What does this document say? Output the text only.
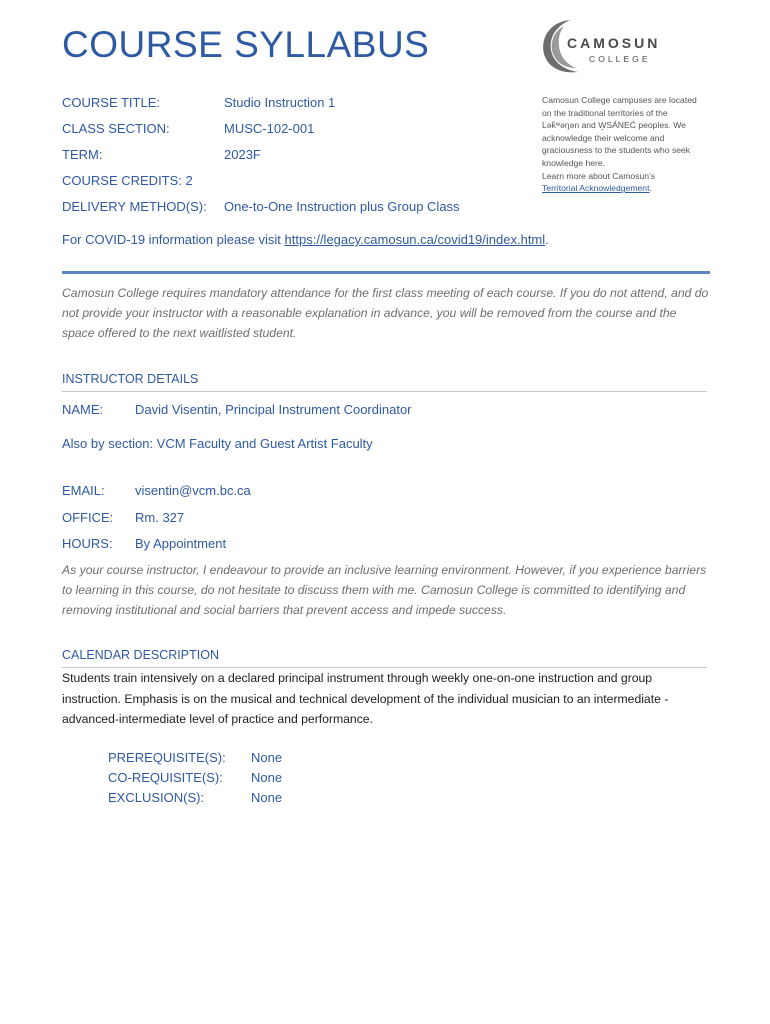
COURSE SYLLABUS	CAMOSUN
COLLEGE
COURSE TITLE:	Studio Instruction 1
CLASS SECTION:	MUSC-102-001
TERM:	2023F
COURSE CREDITS: 2
DELIVERY METHOD(S): One-to-One Instruction plus Group Class
Camosun College campuses are located on the traditional territories of the Lək̓ʷəŋən and W̱SÁNEĆ peoples. We acknowledge their welcome and graciousness to the students who seek knowledge here.
Learn more about Camosun’s
Territorial Acknowledgement.
For COVID-19 information please visit https://legacy.camosun.ca/covid19/index.html.
Camosun College requires mandatory attendance for the first class meeting of each course. If you do not attend, and do not provide your instructor with a reasonable explanation in advance, you will be removed from the course and the space offered to the next waitlisted student.
INSTRUCTOR DETAILS
NAME: David Visentin, Principal Instrument Coordinator
Also by section: VCM Faculty and Guest Artist Faculty
EMAIL: visentin@vcm.bc.ca
OFFICE: Rm. 327
HOURS: By Appointment
As your course instructor, I endeavour to provide an inclusive learning environment. However, if you experience barriers to learning in this course, do not hesitate to discuss them with me. Camosun College is committed to identifying and removing institutional and social barriers that prevent access and impede success.
CALENDAR DESCRIPTION
Students train intensively on a declared principal instrument through weekly one-on-one instruction and group instruction. Emphasis is on the musical and technical development of the individual musician to an intermediate - advanced-intermediate level of practice and performance.
PREREQUISITE(S): None
CO-REQUISITE(S): None
EXCLUSION(S):	None
